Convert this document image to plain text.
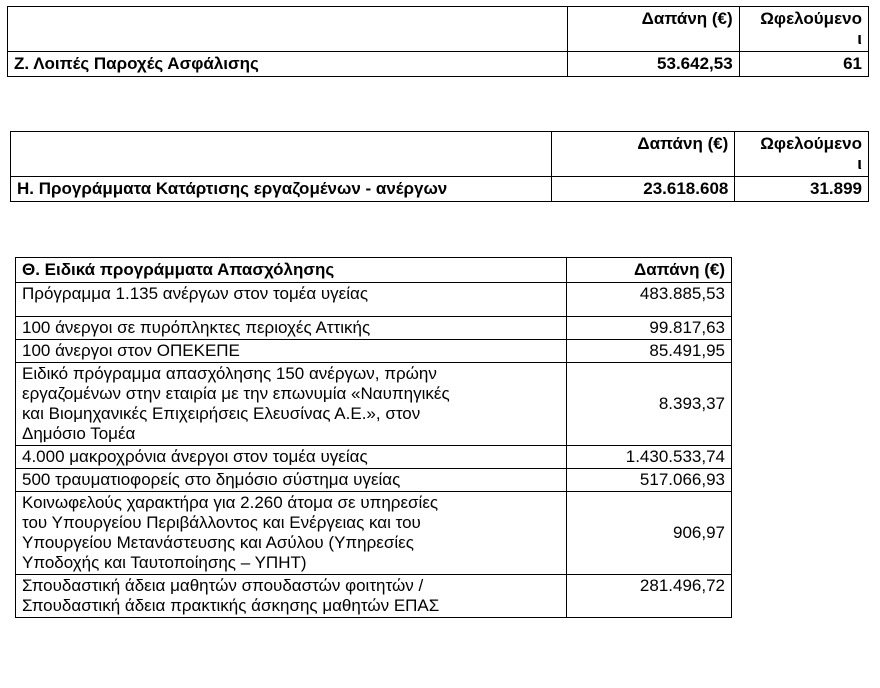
	Δαπάνη (€)	Ωφελούμενο
ι
Ζ. Λοιπές Παροχές Ασφάλισης	53.642,53	61
	Δαπάνη (€)	Ωφελούμενο
ι
Η. Προγράμματα Κατάρτισης εργαζομένων - ανέργων	23.618.608	31.899
Θ. Ειδικά προγράμματα Απασχόλησης	Δαπάνη (€)
Πρόγραμμα 1.135 ανέργων στον τομέα υγείας	483.885,53
100 άνεργοι σε πυρόπληκτες περιοχές Αττικής	99.817,63
100 άνεργοι στον ΟΠΕΚΕΠΕ	85.491,95
Ειδικό πρόγραμμα απασχόλησης 150 ανέργων, πρώην
εργαζομένων στην εταιρία με την επωνυμία «Ναυπηγικές
και Βιομηχανικές Επιχειρήσεις Ελευσίνας Α.Ε.», στον
Δημόσιο Τομέα	8.393,37
4.000 μακροχρόνια άνεργοι στον τομέα υγείας	1.430.533,74
500 τραυματιοφορείς στο δημόσιο σύστημα υγείας	517.066,93
Κοινωφελούς χαρακτήρα για 2.260 άτομα σε υπηρεσίες
του Υπουργείου Περιβάλλοντος και Ενέργειας και του
Υπουργείου Μετανάστευσης και Ασύλου (Υπηρεσίες
Υποδοχής και Ταυτοποίησης – ΥΠΗΤ)	906,97
Σπουδαστική άδεια μαθητών σπουδαστών φοιτητών /
Σπουδαστική άδεια πρακτικής άσκησης μαθητών ΕΠΑΣ	281.496,72
